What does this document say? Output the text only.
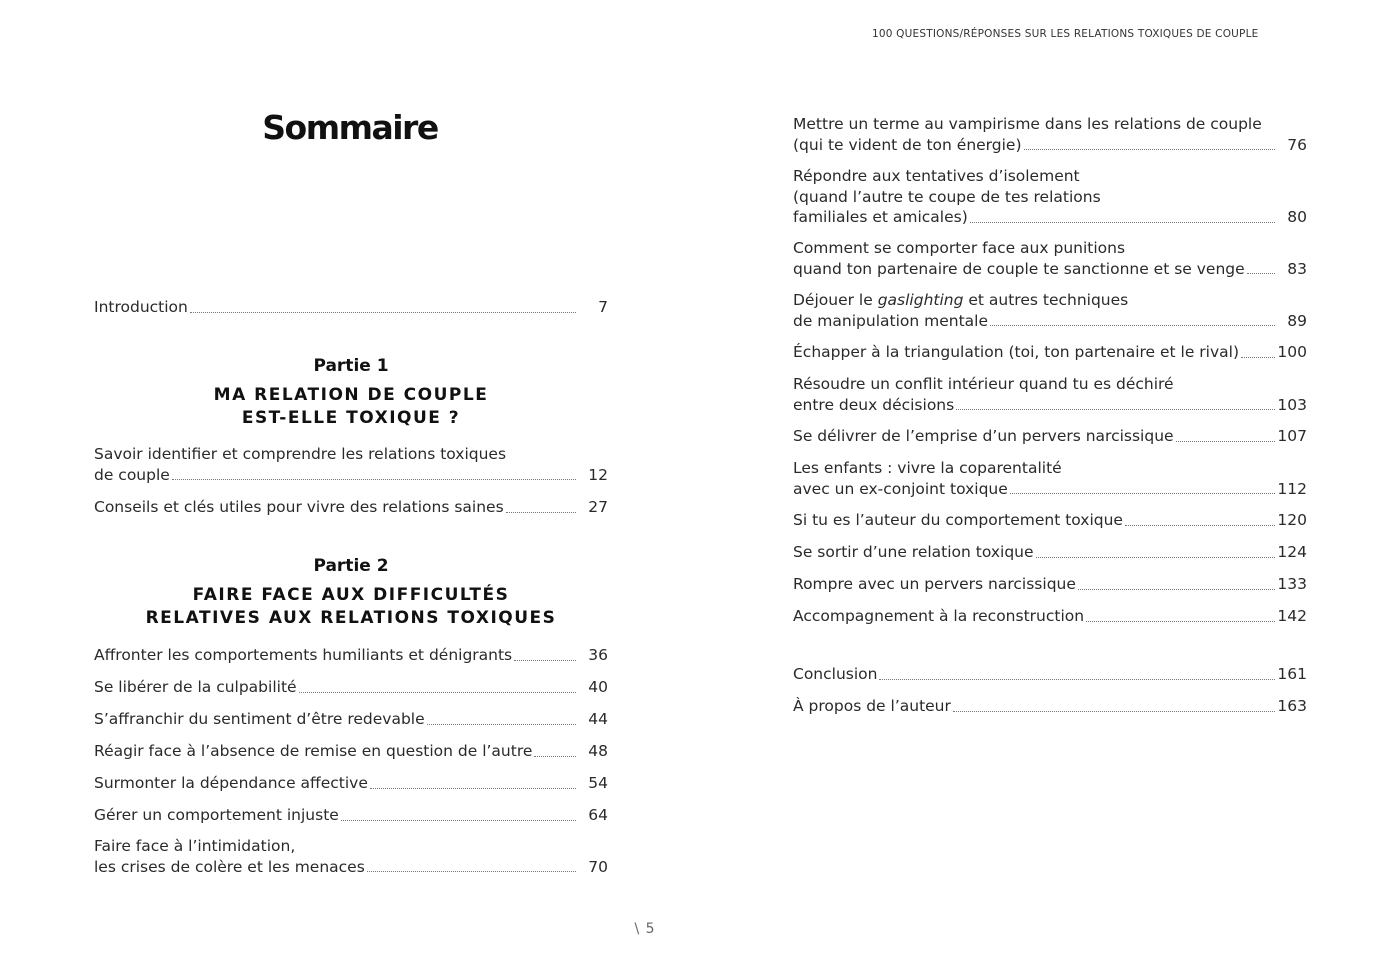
100 QUESTIONS/RÉPONSES SUR LES RELATIONS TOXIQUES DE COUPLE
Sommaire
Introduction	7
Partie 1
MA RELATION DE COUPLE
EST-ELLE TOXIQUE ?
Savoir identifier et comprendre les relations toxiques
de couple	12
Conseils et clés utiles pour vivre des relations saines	27
Partie 2
FAIRE FACE AUX DIFFICULTÉS
RELATIVES AUX RELATIONS TOXIQUES
Affronter les comportements humiliants et dénigrants	36
Se libérer de la culpabilité	40
S’affranchir du sentiment d’être redevable	44
Réagir face à l’absence de remise en question de l’autre	48
Surmonter la dépendance affective	54
Gérer un comportement injuste	64
Faire face à l’intimidation,
les crises de colère et les menaces	70
Mettre un terme au vampirisme dans les relations de couple
(qui te vident de ton énergie)	76
Répondre aux tentatives d’isolement
(quand l’autre te coupe de tes relations
familiales et amicales)	80
Comment se comporter face aux punitions
quand ton partenaire de couple te sanctionne et se venge	83
Déjouer le gaslighting et autres techniques
de manipulation mentale	89
Échapper à la triangulation (toi, ton partenaire et le rival) 100
Résoudre un conflit intérieur quand tu es déchiré
entre deux décisions	103
Se délivrer de l’emprise d’un pervers narcissique	107
Les enfants : vivre la coparentalité
avec un ex-conjoint toxique	112
Si tu es l’auteur du comportement toxique	120
Se sortir d’une relation toxique	124
Rompre avec un pervers narcissique	133
Accompagnement à la reconstruction	142
Conclusion	161
À propos de l’auteur	163
\ 5
